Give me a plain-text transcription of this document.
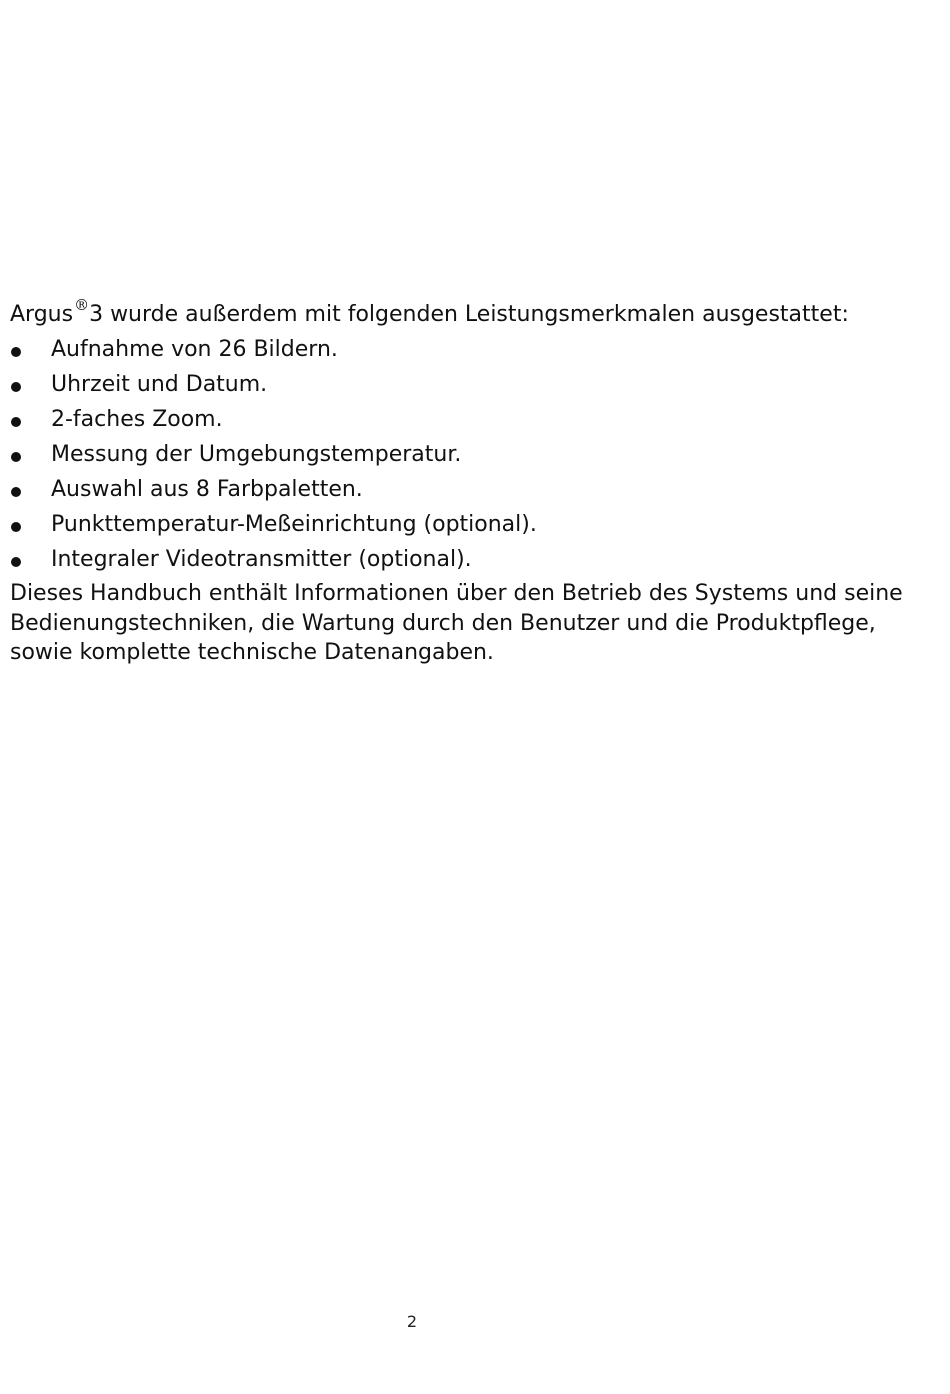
Argus®3 wurde außerdem mit folgenden Leistungsmerkmalen ausgestattet:

Aufnahme von 26 Bildern.
Uhrzeit und Datum.
2-faches Zoom.
Messung der Umgebungstemperatur.
Auswahl aus 8 Farbpaletten.
Punkttemperatur-Meßeinrichtung (optional).
Integraler Videotransmitter (optional).

Dieses Handbuch enthält Informationen über den Betrieb des Systems und seine Bedienungstechniken, die Wartung durch den Benutzer und die Produktpflege, sowie komplette technische Datenangaben.

2
